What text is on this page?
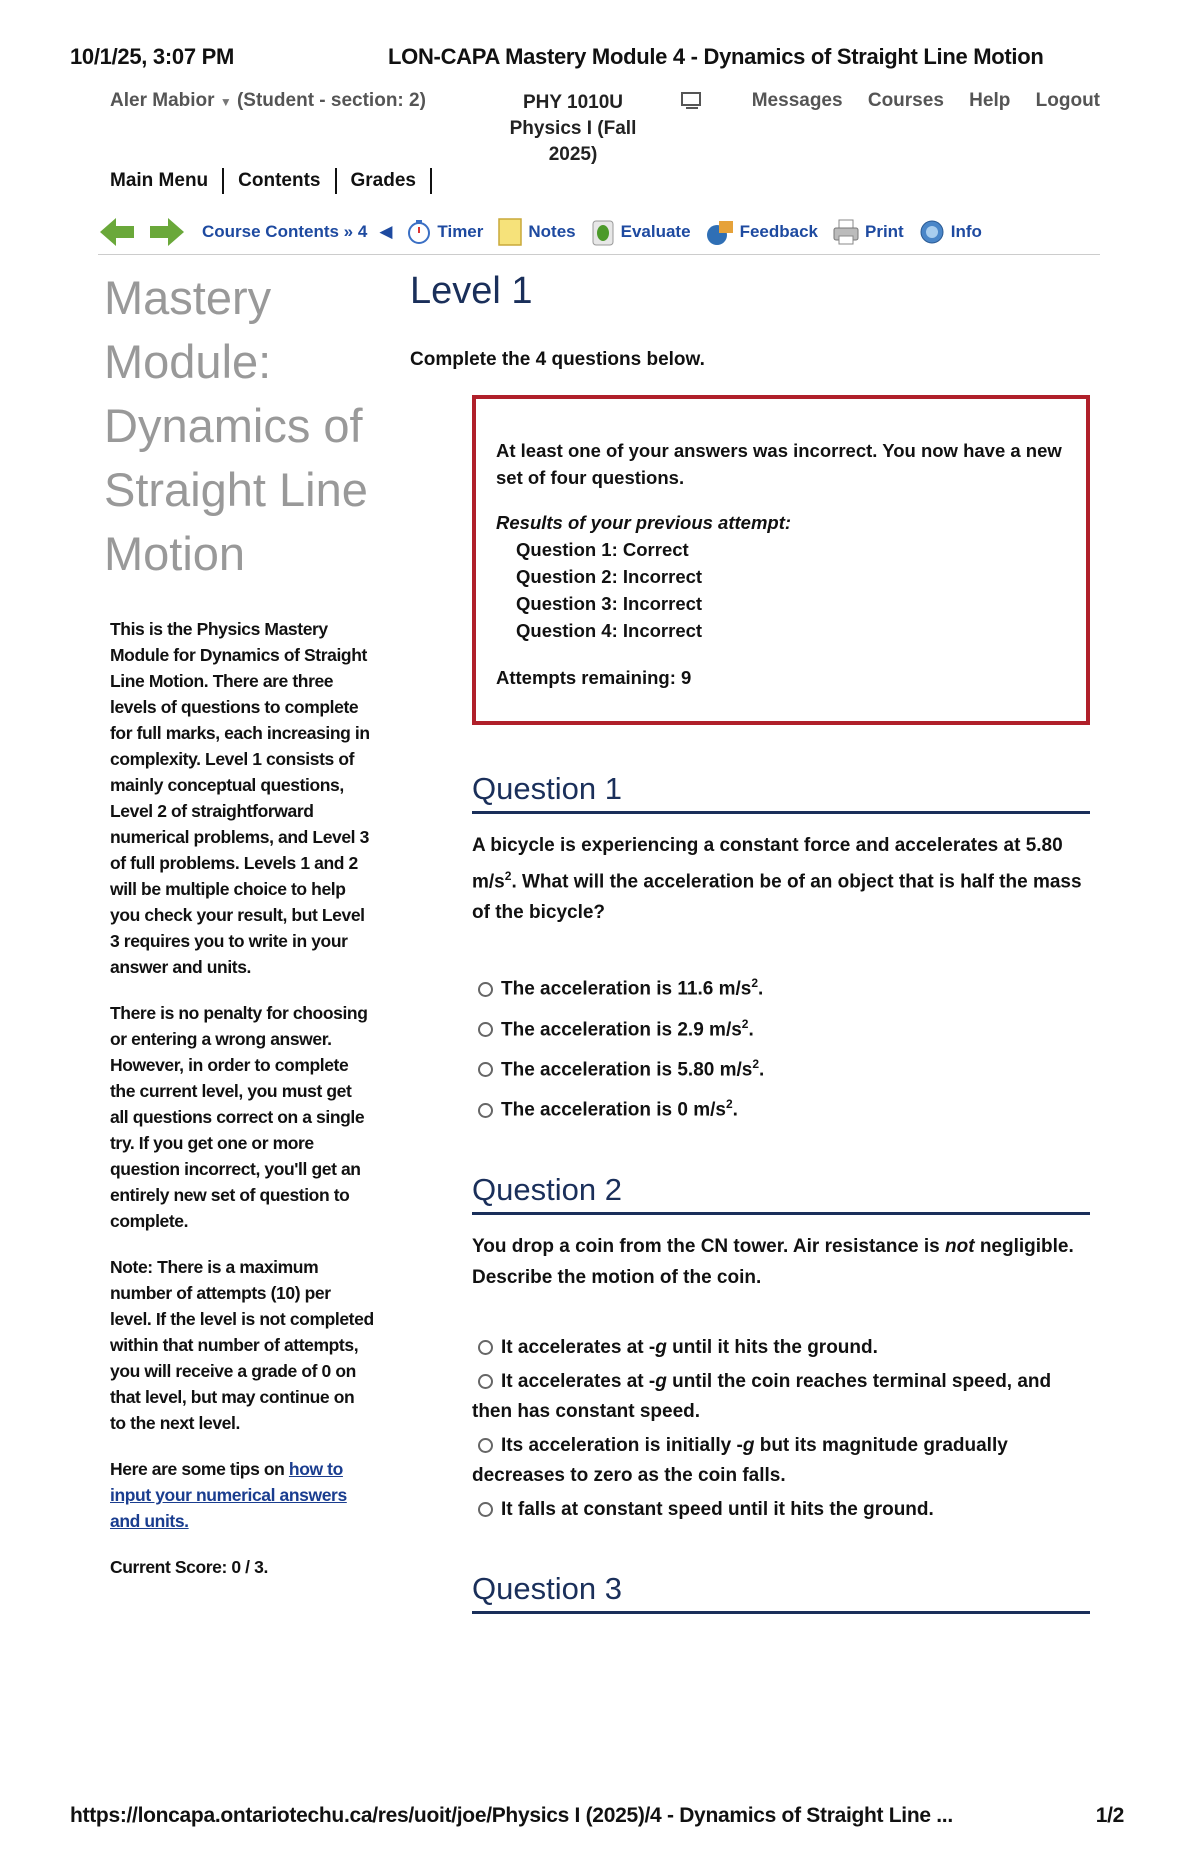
10/1/25, 3:07 PM	LON-CAPA Mastery Module 4 - Dynamics of Straight Line Motion
Aler Mabior ▼ (Student - section: 2)	PHY 1010U
Physics I (Fall
2025)
Messages Courses Help Logout
Main Menu	Contents	Grades
Course Contents » 4 ◀	Timer	Notes	Evaluate	Feedback	Print	Info
Mastery Module: Dynamics of Straight Line Motion

This is the Physics Mastery Module for Dynamics of Straight Line Motion. There are three levels of questions to complete for full marks, each increasing in complexity. Level 1 consists of mainly conceptual questions, Level 2 of straightforward numerical problems, and Level 3 of full problems. Levels 1 and 2 will be multiple choice to help you check your result, but Level 3 requires you to write in your answer and units.

There is no penalty for choosing or entering a wrong answer. However, in order to complete the current level, you must get all questions correct on a single try. If you get one or more question incorrect, you'll get an entirely new set of question to complete.

Note: There is a maximum number of attempts (10) per level. If the level is not completed within that number of attempts, you will receive a grade of 0 on that level, but may continue on to the next level.

Here are some tips on how to input your numerical answers and units.

Current Score: 0 / 3.

Level 1
Complete the 4 questions below.
At least one of your answers was incorrect. You now have a new set of four questions.
Results of your previous attempt:
Question 1: Correct
Question 2: Incorrect
Question 3: Incorrect
Question 4: Incorrect
Attempts remaining: 9
Question 1
A bicycle is experiencing a constant force and accelerates at 5.80 $m/s^2$. What will the acceleration be of an object that is half the mass of the bicycle?
The acceleration is 11.6 $m/s^2$.
The acceleration is 2.9 $m/s^2$.
The acceleration is 5.80 $m/s^2$.
The acceleration is 0 $m/s^2$.
Question 2
You drop a coin from the CN tower. Air resistance is not negligible. Describe the motion of the coin.
It accelerates at -g until it hits the ground.
It accelerates at -g until the coin reaches terminal speed, and then has constant speed.
Its acceleration is initially -g but its magnitude gradually decreases to zero as the coin falls.
It falls at constant speed until it hits the ground.
Question 3
https://loncapa.ontariotechu.ca/res/uoit/joe/Physics I (2025)/4 - Dynamics of Straight Line ...	1/2
